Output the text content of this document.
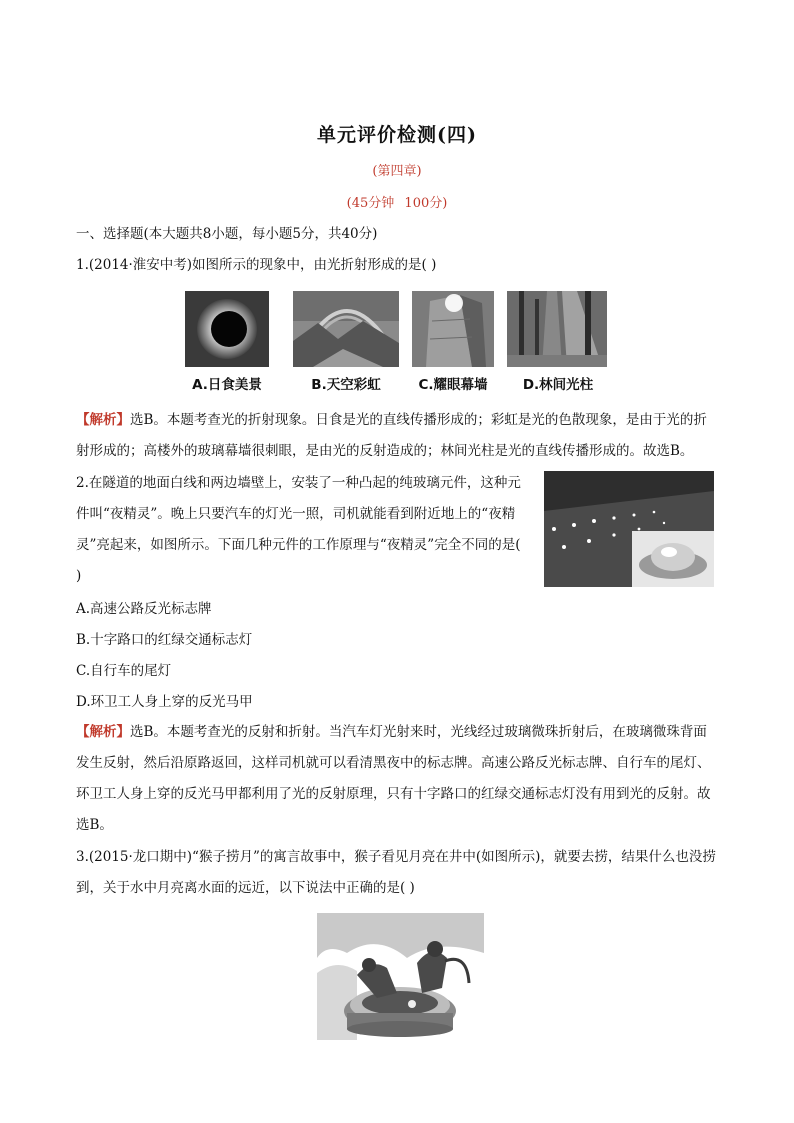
单元评价检测(四)
(第四章)
(45分钟 100分)
一、选择题(本大题共8小题，每小题5分，共40分)
1.(2014·淮安中考)如图所示的现象中，由光折射形成的是( )
A.日食美景	B.天空彩虹	C.耀眼幕墙	D.林间光柱
【解析】选B。本题考查光的折射现象。日食是光的直线传播形成的；彩虹是光的色散现象，是由于光的折射形成的；高楼外的玻璃幕墙很刺眼，是由光的反射造成的；林间光柱是光的直线传播形成的。故选B。
2.在隧道的地面白线和两边墙壁上，安装了一种凸起的纯玻璃元件，这种元件叫“夜精灵”。晚上只要汽车的灯光一照，司机就能看到附近地上的“夜精灵”亮起来，如图所示。下面几种元件的工作原理与“夜精灵”完全不同的是( )
A.高速公路反光标志牌
B.十字路口的红绿交通标志灯
C.自行车的尾灯
D.环卫工人身上穿的反光马甲
【解析】选B。本题考查光的反射和折射。当汽车灯光射来时，光线经过玻璃微珠折射后，在玻璃微珠背面发生反射，然后沿原路返回，这样司机就可以看清黑夜中的标志牌。高速公路反光标志牌、自行车的尾灯、环卫工人身上穿的反光马甲都利用了光的反射原理，只有十字路口的红绿交通标志灯没有用到光的反射。故选B。
3.(2015·龙口期中)“猴子捞月”的寓言故事中，猴子看见月亮在井中(如图所示)，就要去捞，结果什么也没捞到，关于水中月亮离水面的远近，以下说法中正确的是( )
